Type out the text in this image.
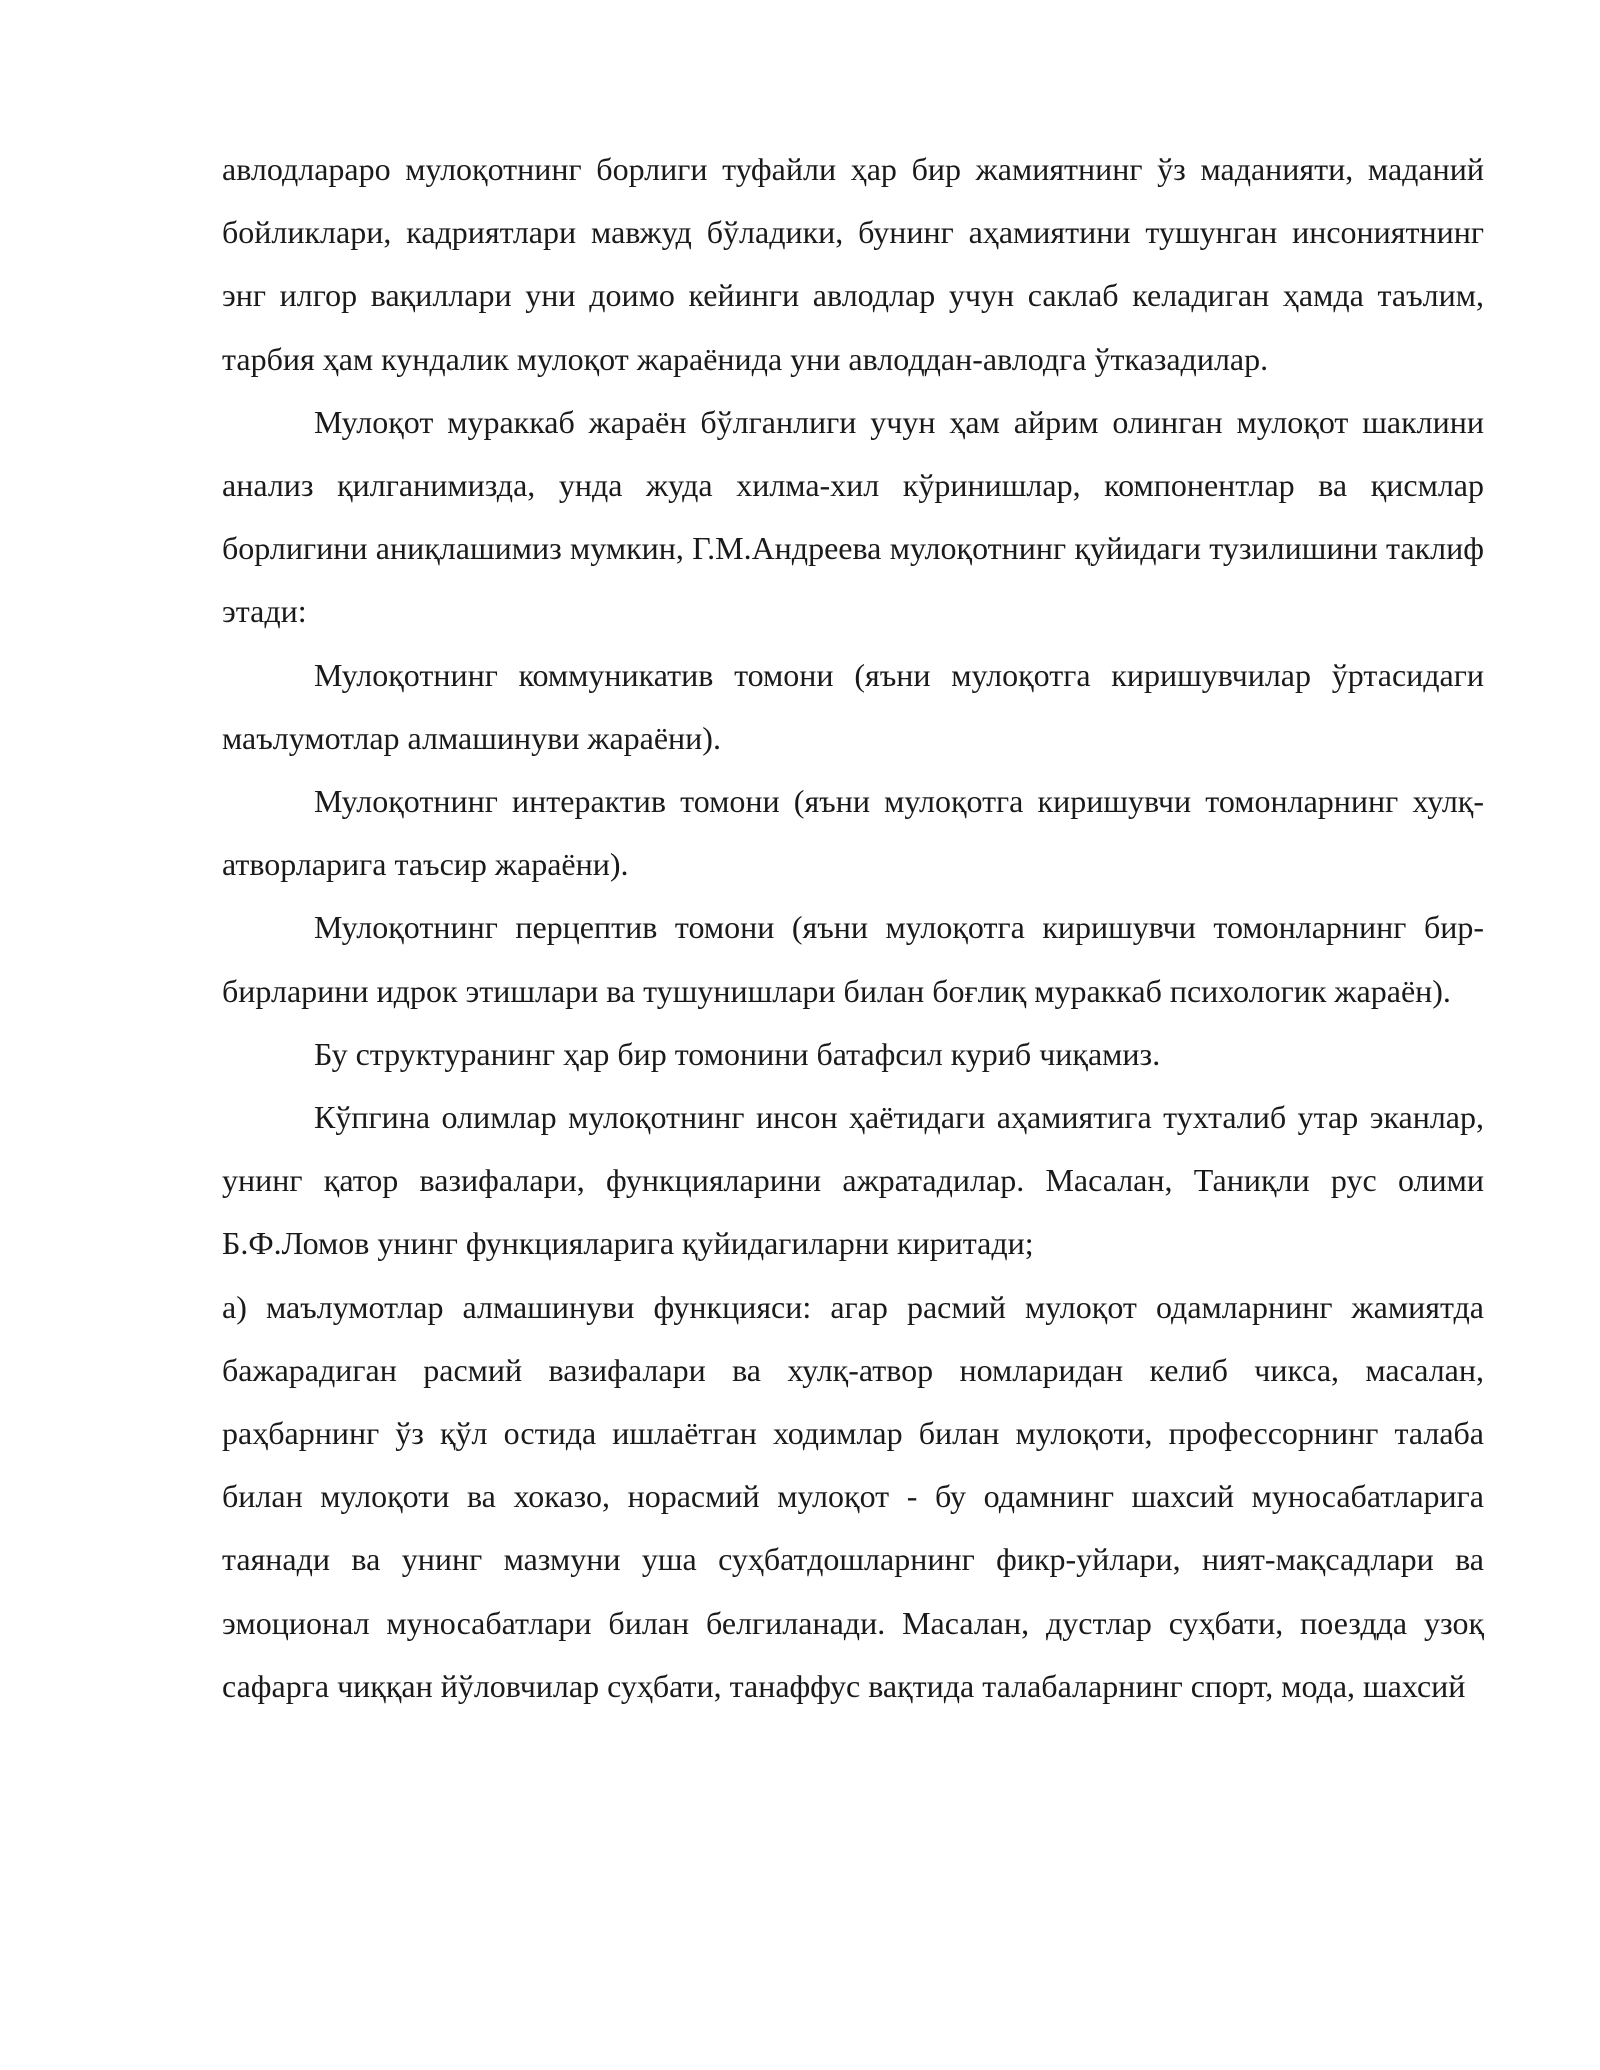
авлодлараро мулоқотнинг борлиги туфайли ҳар бир жамиятнинг ўз маданияти, маданий бойликлари, кадриятлари мавжуд бўладики, бунинг аҳамиятини тушунган инсониятнинг энг илгор вақиллари уни доимо кейинги авлодлар учун саклаб келадиган ҳамда таълим, тарбия ҳам кундалик мулоқот жараёнида уни авлоддан-авлодга ўтказадилар.

Мулоқот мураккаб жараён бўлганлиги учун ҳам айрим олинган мулоқот шаклини анализ қилганимизда, унда жуда хилма-хил кўринишлар, компонентлар ва қисмлар борлигини аниқлашимиз мумкин, Г.М.Андреева мулоқотнинг қуйидаги тузилишини таклиф этади:

Мулоқотнинг коммуникатив томони (яъни мулоқотга киришувчилар ўртасидаги маълумотлар алмашинуви жараёни).

Мулоқотнинг интерактив томони (яъни мулоқотга киришувчи томонларнинг хулқ-атворларига таъсир жараёни).

Мулоқотнинг перцептив томони (яъни мулоқотга киришувчи томонларнинг бир-бирларини идрок этишлари ва тушунишлари билан боғлиқ мураккаб психологик жараён).

Бу структуранинг ҳар бир томонини батафсил куриб чиқамиз.

Кўпгина олимлар мулоқотнинг инсон ҳаётидаги аҳамиятига тухталиб утар эканлар, унинг қатор вазифалари, функцияларини ажратадилар. Масалан, Таниқли рус олими Б.Ф.Ломов унинг функцияларига қуйидагиларни киритади;

а) маълумотлар алмашинуви функцияси: агар расмий мулоқот одамларнинг жамиятда бажарадиган расмий вазифалари ва хулқ-атвор номларидан келиб чикса, масалан, раҳбарнинг ўз қўл остида ишлаётган ходимлар билан мулоқоти, профессорнинг талаба билан мулоқоти ва хоказо, норасмий мулоқот - бу одамнинг шахсий муносабатларига таянади ва унинг мазмуни уша суҳбатдошларнинг фикр-уйлари, ният-мақсадлари ва эмоционал муносабатлари билан белгиланади. Масалан, дустлар суҳбати, поездда узоқ сафарга чиққан йўловчилар суҳбати, танаффус вақтида талабаларнинг спорт, мода, шахсий
